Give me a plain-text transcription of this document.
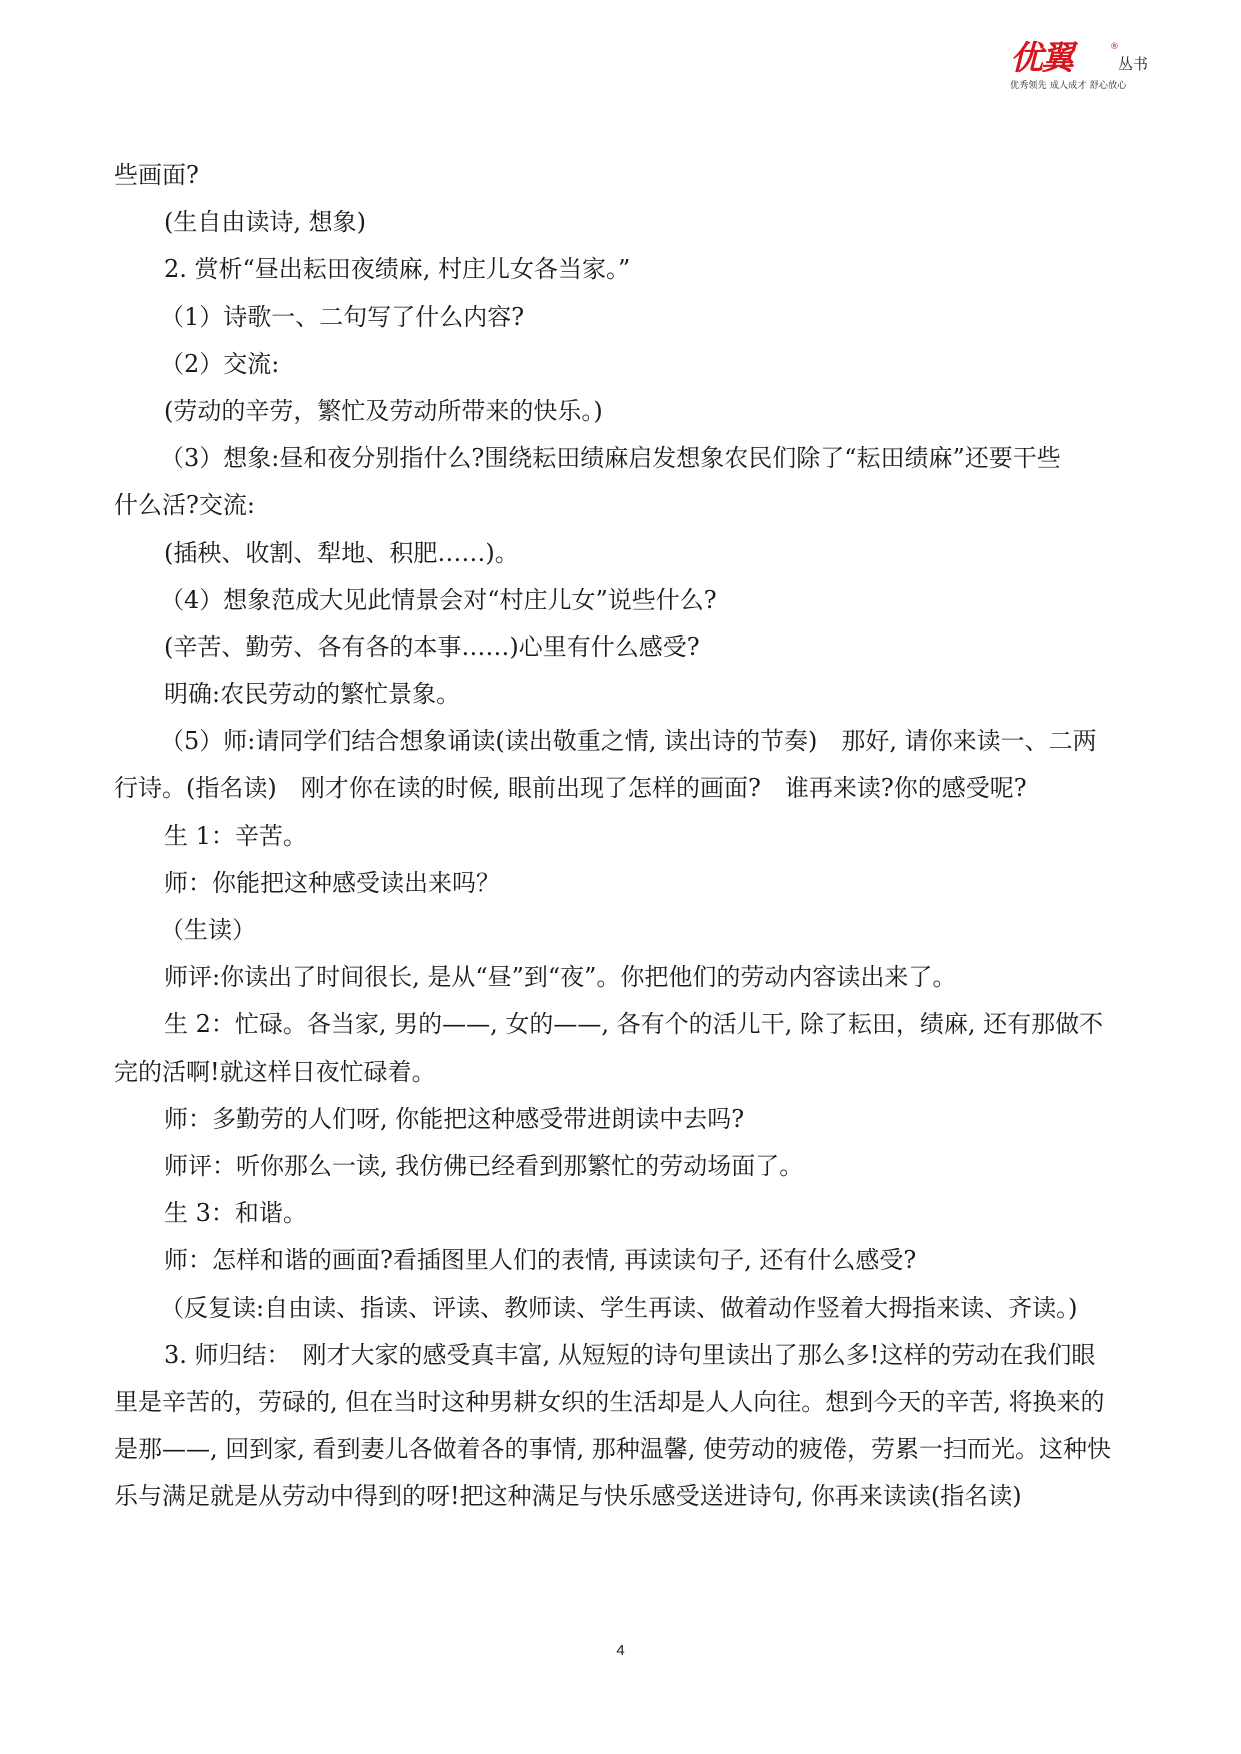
优翼	®
丛书
优秀领先 成人成才 舒心放心

些画面?

(生自由读诗, 想象)

2. 赏析“昼出耘田夜绩麻, 村庄儿女各当家。”

（1）诗歌一、二句写了什么内容?

（2）交流:

(劳动的辛劳，繁忙及劳动所带来的快乐。)

（3）想象:昼和夜分别指什么?围绕耘田绩麻启发想象农民们除了“耘田绩麻”还要干些

什么活?交流:

(插秧、收割、犁地、积肥……)。

（4）想象范成大见此情景会对“村庄儿女”说些什么?

(辛苦、勤劳、各有各的本事……)心里有什么感受?

明确:农民劳动的繁忙景象。

（5）师:请同学们结合想象诵读(读出敬重之情, 读出诗的节奏)　那好, 请你来读一、二两

行诗。(指名读)　刚才你在读的时候, 眼前出现了怎样的画面?　谁再来读?你的感受呢?

生 1：辛苦。

师：你能把这种感受读出来吗？

（生读）

师评:你读出了时间很长, 是从“昼”到“夜”。你把他们的劳动内容读出来了。

生 2：忙碌。各当家, 男的——, 女的——, 各有个的活儿干, 除了耘田，绩麻, 还有那做不

完的活啊!就这样日夜忙碌着。

师：多勤劳的人们呀, 你能把这种感受带进朗读中去吗?

师评：听你那么一读, 我仿佛已经看到那繁忙的劳动场面了。

生 3：和谐。

师：怎样和谐的画面?看插图里人们的表情, 再读读句子, 还有什么感受?

（反复读:自由读、指读、评读、教师读、学生再读、做着动作竖着大拇指来读、齐读。)

3. 师归结：　刚才大家的感受真丰富, 从短短的诗句里读出了那么多!这样的劳动在我们眼

里是辛苦的，劳碌的, 但在当时这种男耕女织的生活却是人人向往。想到今天的辛苦, 将换来的

是那——, 回到家, 看到妻儿各做着各的事情, 那种温馨, 使劳动的疲倦，劳累一扫而光。这种快

乐与满足就是从劳动中得到的呀!把这种满足与快乐感受送进诗句, 你再来读读(指名读)

4
